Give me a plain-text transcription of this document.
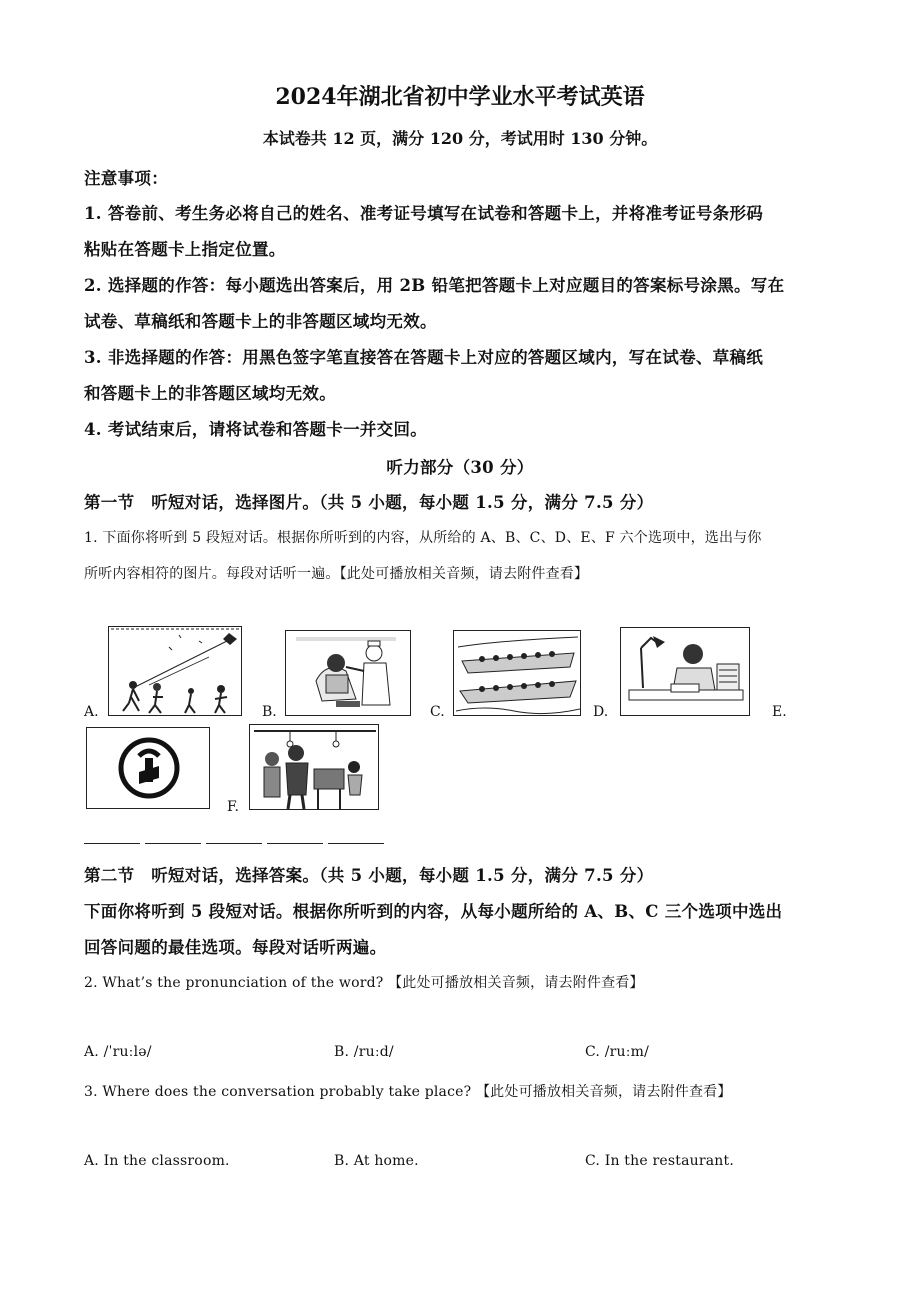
2024年湖北省初中学业水平考试英语
本试卷共 12 页，满分 120 分，考试用时 130 分钟。
注意事项：
1. 答卷前、考生务必将自己的姓名、准考证号填写在试卷和答题卡上，并将准考证号条形码
粘贴在答题卡上指定位置。
2. 选择题的作答：每小题选出答案后，用 2B 铅笔把答题卡上对应题目的答案标号涂黑。写在
试卷、草稿纸和答题卡上的非答题区域均无效。
3. 非选择题的作答：用黑色签字笔直接答在答题卡上对应的答题区域内，写在试卷、草稿纸
和答题卡上的非答题区域均无效。
4. 考试结束后，请将试卷和答题卡一并交回。
听力部分（30 分）
第一节　听短对话，选择图片。（共 5 小题，每小题 1.5 分，满分 7.5 分）
1. 下面你将听到 5 段短对话。根据你所听到的内容，从所给的 A、B、C、D、E、F 六个选项中，选出与你
所听内容相符的图片。每段对话听一遍。【此处可播放相关音频，请去附件查看】
A.	B.	C.	D.	E.
F.
第二节　听短对话，选择答案。（共 5 小题，每小题 1.5 分，满分 7.5 分）
下面你将听到 5 段短对话。根据你所听到的内容，从每小题所给的 A、B、C 三个选项中选出
回答问题的最佳选项。每段对话听两遍。
2. What’s the pronunciation of the word? 【此处可播放相关音频，请去附件查看】
A. /ˈruːlə/	B. /ruːd/	C. /ruːm/
3. Where does the conversation probably take place? 【此处可播放相关音频，请去附件查看】
A. In the classroom.	B. At home.	C. In the restaurant.
